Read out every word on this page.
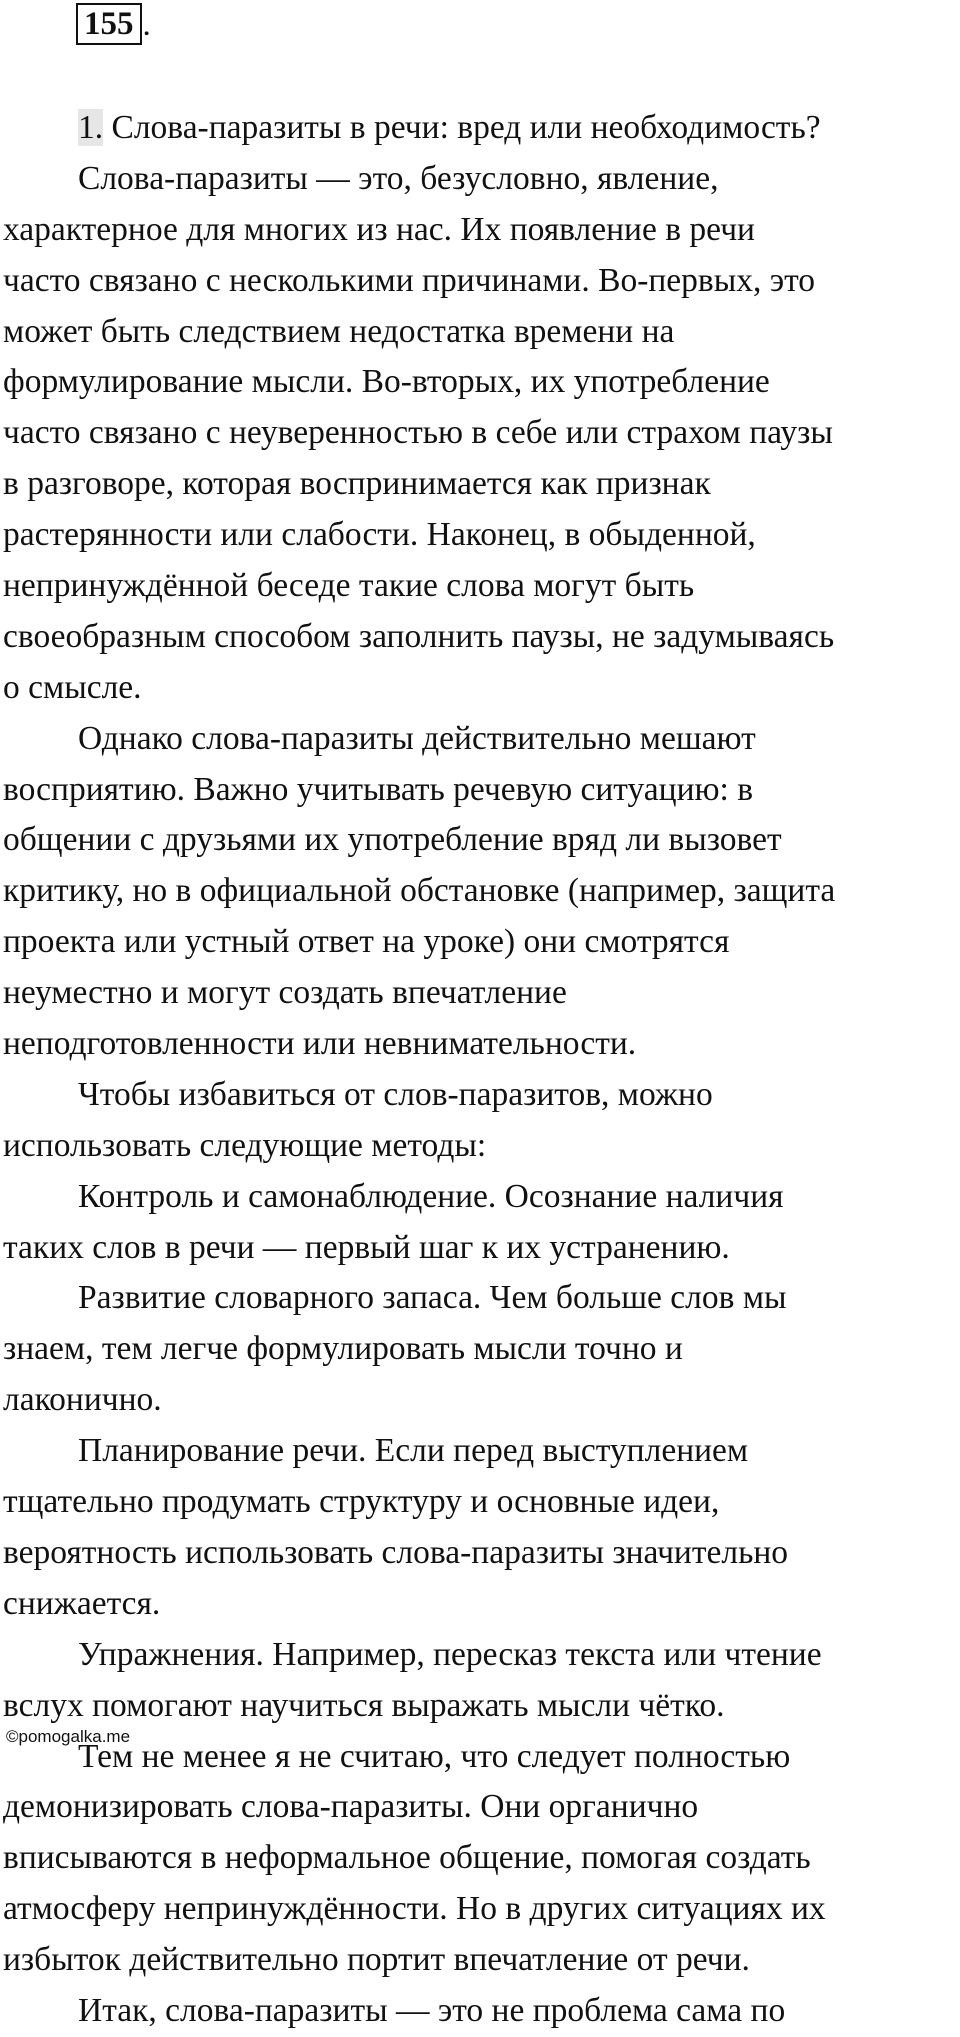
155 .
1. Слова-паразиты в речи: вред или необходимость?
Слова-паразиты — это, безусловно, явление,
характерное для многих из нас. Их появление в речи
часто связано с несколькими причинами. Во-первых, это
может быть следствием недостатка времени на
формулирование мысли. Во-вторых, их употребление
часто связано с неуверенностью в себе или страхом паузы
в разговоре, которая воспринимается как признак
растерянности или слабости. Наконец, в обыденной,
непринуждённой беседе такие слова могут быть
своеобразным способом заполнить паузы, не задумываясь
о смысле.
Однако слова-паразиты действительно мешают
восприятию. Важно учитывать речевую ситуацию: в
общении с друзьями их употребление вряд ли вызовет
критику, но в официальной обстановке (например, защита
проекта или устный ответ на уроке) они смотрятся
неуместно и могут создать впечатление
неподготовленности или невнимательности.
Чтобы избавиться от слов-паразитов, можно
использовать следующие методы:
Контроль и самонаблюдение. Осознание наличия
таких слов в речи — первый шаг к их устранению.
Развитие словарного запаса. Чем больше слов мы
знаем, тем легче формулировать мысли точно и
лаконично.
Планирование речи. Если перед выступлением
тщательно продумать структуру и основные идеи,
вероятность использовать слова-паразиты значительно
снижается.
Упражнения. Например, пересказ текста или чтение
вслух помогают научиться выражать мысли чётко.
Тем не менее я не считаю, что следует полностью
демонизировать слова-паразиты. Они органично
вписываются в неформальное общение, помогая создать
атмосферу непринуждённости. Но в других ситуациях их
избыток действительно портит впечатление от речи.
Итак, слова-паразиты — это не проблема сама по
©pomogalka.me
